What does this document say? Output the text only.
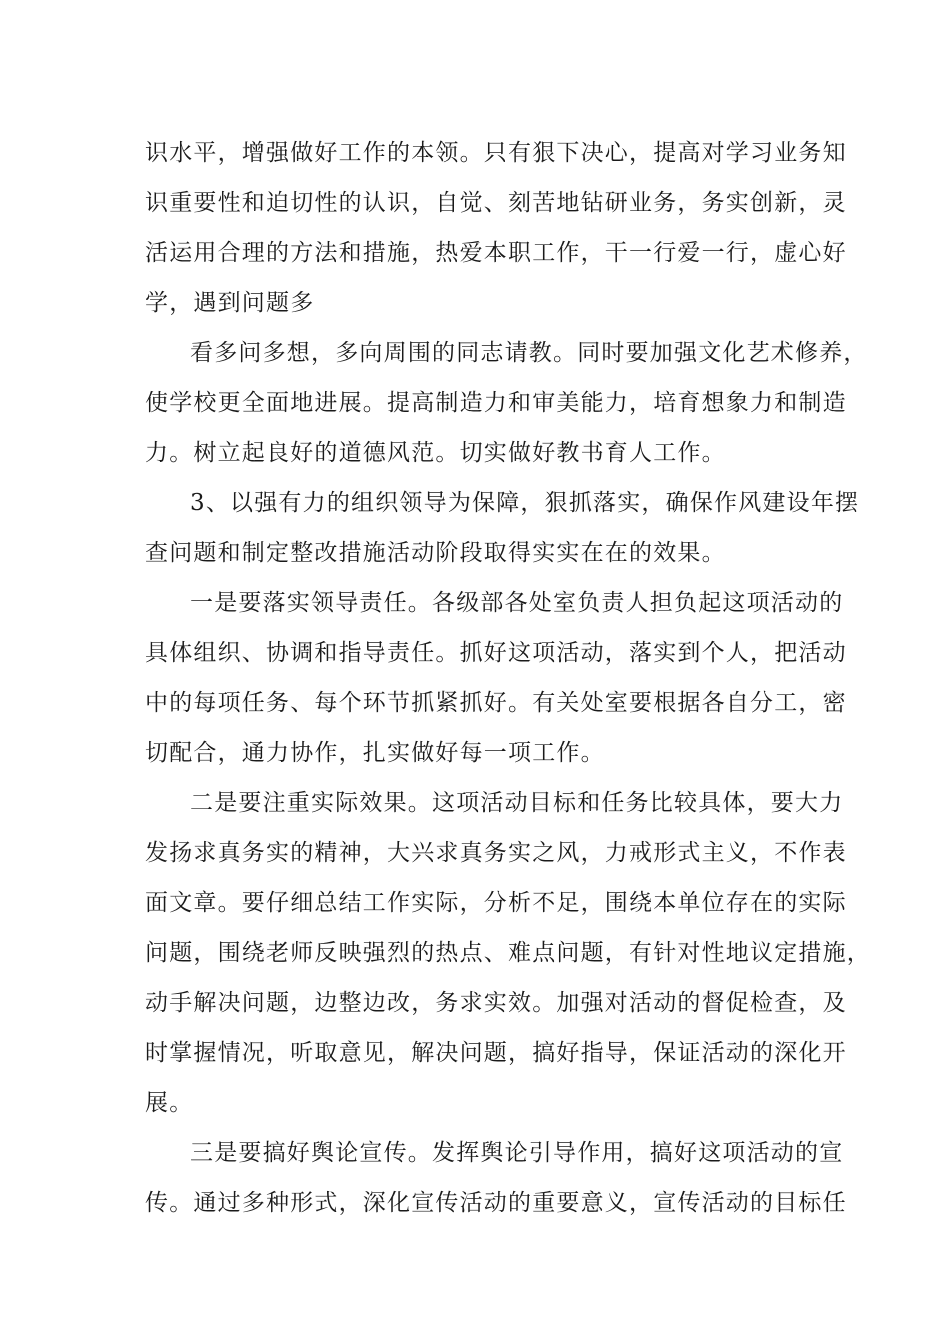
识水平，增强做好工作的本领。只有狠下决心，提高对学习业务知
识重要性和迫切性的认识，自觉、刻苦地钻研业务，务实创新，灵
活运用合理的方法和措施，热爱本职工作，干一行爱一行，虚心好
学，遇到问题多
看多问多想，多向周围的同志请教。同时要加强文化艺术修养，
使学校更全面地进展。提高制造力和审美能力，培育想象力和制造
力。树立起良好的道德风范。切实做好教书育人工作。
3、以强有力的组织领导为保障，狠抓落实，确保作风建设年摆
查问题和制定整改措施活动阶段取得实实在在的效果。
一是要落实领导责任。各级部各处室负责人担负起这项活动的
具体组织、协调和指导责任。抓好这项活动，落实到个人，把活动
中的每项任务、每个环节抓紧抓好。有关处室要根据各自分工，密
切配合，通力协作，扎实做好每一项工作。
二是要注重实际效果。这项活动目标和任务比较具体，要大力
发扬求真务实的精神，大兴求真务实之风，力戒形式主义，不作表
面文章。要仔细总结工作实际，分析不足，围绕本单位存在的实际
问题，围绕老师反映强烈的热点、难点问题，有针对性地议定措施，
动手解决问题，边整边改，务求实效。加强对活动的督促检查，及
时掌握情况，听取意见，解决问题，搞好指导，保证活动的深化开
展。
三是要搞好舆论宣传。发挥舆论引导作用，搞好这项活动的宣
传。通过多种形式，深化宣传活动的重要意义，宣传活动的目标任
